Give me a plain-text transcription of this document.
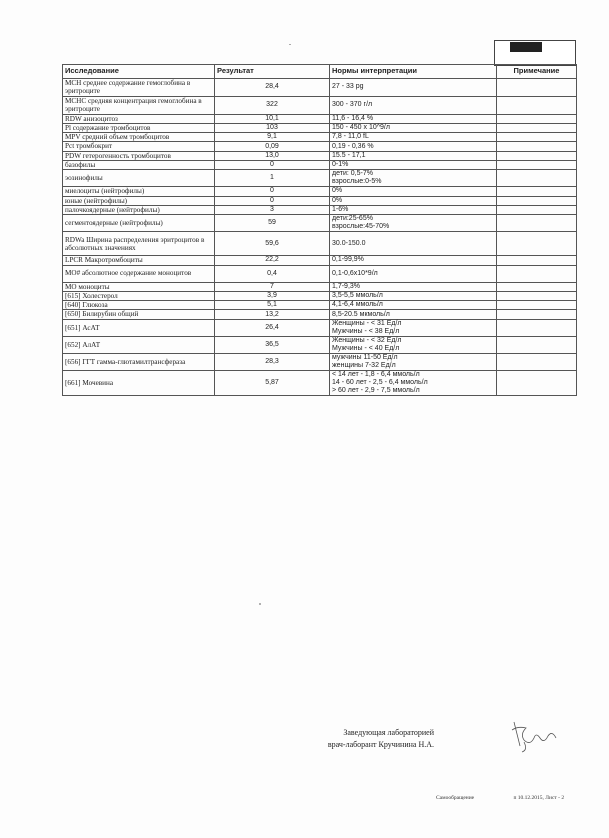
Исследование	Результат	Нормы интерпретации	Примечание
MCH среднее содержание гемоглобина в эритроците	28,4	27 - 33 pg	
MCHC средняя концентрация гемоглобина в эритроците	322	300 - 370 г/л	
RDW анизоцитоз	10,1	11,6 - 16,4 %	
Pl содержание тромбоцитов	103	150 - 450 х 10^9/л	
MPV средний объем тромбоцитов	9,1	7,8 - 11,0 fL	
Pct тромбокрит	0,09	0,19 - 0,36 %	
PDW гетерогенность тромбоцитов	13,0	15.5 - 17,1	
базофилы	0	0-1%	
эозинофилы	1	дети: 0,5-7%
взрослые:0-5%	
миелоциты (нейтрофилы)	0	0%	
юные (нейтрофилы)	0	0%	
палочкоядерные (нейтрофилы)	3	1-6%	
сегментоядерные (нейтрофилы)	59	дети:25-65%
взрослые:45-70%	
RDWa Ширина распределения эритроцитов в абсолютных значениях	59,6	30.0-150.0	
LPCR Макротромбоциты	22,2	0,1-99,9%	
MO# абсолютное содержание моноцитов	0,4	0,1-0,6х10*9/л	
MO моноциты	7	1,7-9,3%	
[615] Холестерол	3,9	3,5-5,5 ммоль/л	
[640] Глюкоза	5,1	4,1-6,4 ммоль/л	
[650] Билирубин общий	13,2	8,5-20.5 мкмоль/л	
[651] АсАТ	26,4	Женщины - < 31 Ед/л
Мужчины - < 38 Ед/л	
[652] АлАТ	36,5	Женщины - < 32 Ед/л
Мужчины - < 40 Ед/л	
[656] ГГТ гамма-глютамилтрансфераза	28,3	мужчины 11-50 Ед/л
женщины 7-32 Ед/л	
[661] Мочевина	5,87	< 14 лет - 1,8 - 6,4 ммоль/л
14 - 60 лет - 2,5 - 6,4 ммоль/л
> 60 лет - 2,9 - 7,5 ммоль/л	
Заведующая лабораторией
врач-лаборант Кручинина Н.А.
Самообращение	п 10.12.2015, Лист - 2
